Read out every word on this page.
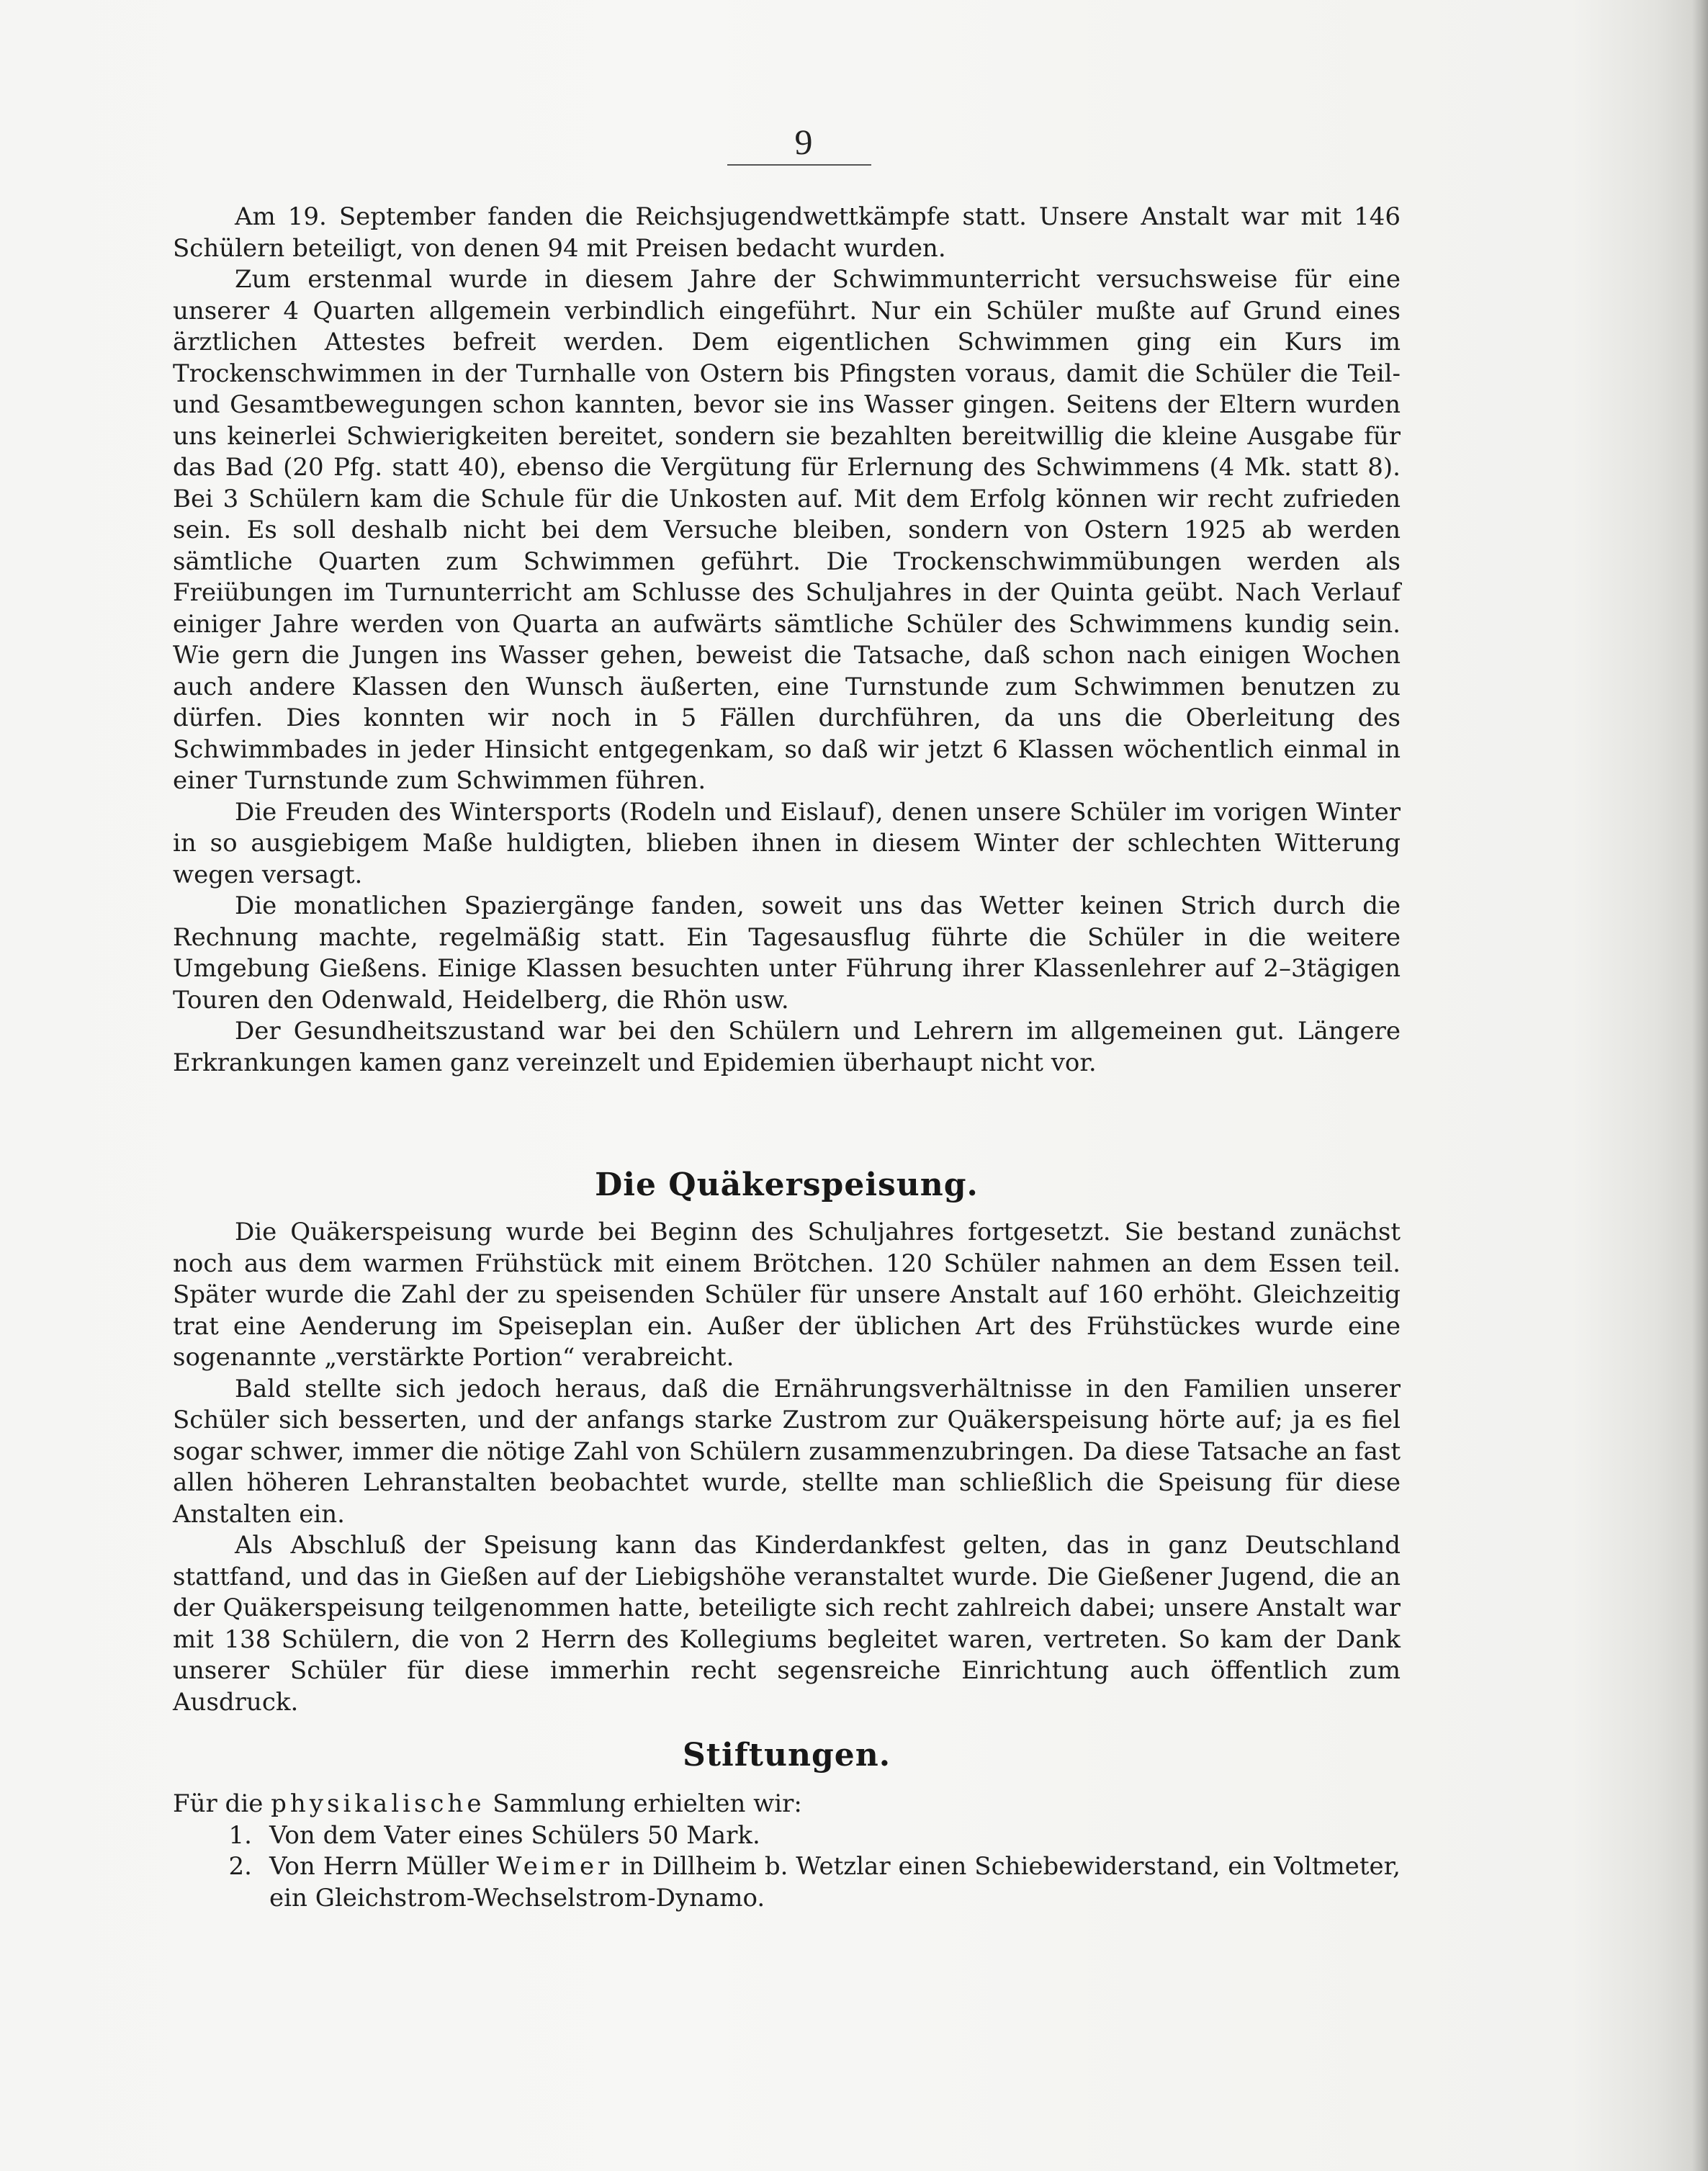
9

Am 19. September fanden die Reichsjugendwettkämpfe statt. Unsere Anstalt war mit 146 Schülern beteiligt, von denen 94 mit Preisen bedacht wurden.

Zum erstenmal wurde in diesem Jahre der Schwimmunterricht versuchsweise für eine unserer 4 Quarten allgemein verbindlich eingeführt. Nur ein Schüler mußte auf Grund eines ärztlichen Attestes befreit werden. Dem eigentlichen Schwimmen ging ein Kurs im Trockenschwimmen in der Turnhalle von Ostern bis Pfingsten voraus, damit die Schüler die Teil- und Gesamtbewegungen schon kannten, bevor sie ins Wasser gingen. Seitens der Eltern wurden uns keinerlei Schwierigkeiten bereitet, sondern sie bezahlten bereitwillig die kleine Ausgabe für das Bad (20 Pfg. statt 40), ebenso die Vergütung für Erlernung des Schwimmens (4 Mk. statt 8). Bei 3 Schülern kam die Schule für die Unkosten auf. Mit dem Erfolg können wir recht zufrieden sein. Es soll deshalb nicht bei dem Versuche bleiben, sondern von Ostern 1925 ab werden sämtliche Quarten zum Schwimmen geführt. Die Trockenschwimmübungen werden als Freiübungen im Turnunterricht am Schlusse des Schuljahres in der Quinta geübt. Nach Verlauf einiger Jahre werden von Quarta an aufwärts sämtliche Schüler des Schwimmens kundig sein. Wie gern die Jungen ins Wasser gehen, beweist die Tatsache, daß schon nach einigen Wochen auch andere Klassen den Wunsch äußerten, eine Turnstunde zum Schwimmen benutzen zu dürfen. Dies konnten wir noch in 5 Fällen durchführen, da uns die Oberleitung des Schwimmbades in jeder Hinsicht entgegenkam, so daß wir jetzt 6 Klassen wöchentlich einmal in einer Turnstunde zum Schwimmen führen.

Die Freuden des Wintersports (Rodeln und Eislauf), denen unsere Schüler im vorigen Winter in so ausgiebigem Maße huldigten, blieben ihnen in diesem Winter der schlechten Witterung wegen versagt.

Die monatlichen Spaziergänge fanden, soweit uns das Wetter keinen Strich durch die Rechnung machte, regelmäßig statt. Ein Tagesausflug führte die Schüler in die weitere Umgebung Gießens. Einige Klassen besuchten unter Führung ihrer Klassenlehrer auf 2–3tägigen Touren den Odenwald, Heidelberg, die Rhön usw.

Der Gesundheitszustand war bei den Schülern und Lehrern im allgemeinen gut. Längere Erkrankungen kamen ganz vereinzelt und Epidemien überhaupt nicht vor.

Die Quäkerspeisung.

Die Quäkerspeisung wurde bei Beginn des Schuljahres fortgesetzt. Sie bestand zunächst noch aus dem warmen Frühstück mit einem Brötchen. 120 Schüler nahmen an dem Essen teil. Später wurde die Zahl der zu speisenden Schüler für unsere Anstalt auf 160 erhöht. Gleichzeitig trat eine Aenderung im Speiseplan ein. Außer der üblichen Art des Frühstückes wurde eine sogenannte „verstärkte Portion“ verabreicht.

Bald stellte sich jedoch heraus, daß die Ernährungsverhältnisse in den Familien unserer Schüler sich besserten, und der anfangs starke Zustrom zur Quäkerspeisung hörte auf; ja es fiel sogar schwer, immer die nötige Zahl von Schülern zusammenzubringen. Da diese Tatsache an fast allen höheren Lehranstalten beobachtet wurde, stellte man schließlich die Speisung für diese Anstalten ein.

Als Abschluß der Speisung kann das Kinderdankfest gelten, das in ganz Deutschland stattfand, und das in Gießen auf der Liebigshöhe veranstaltet wurde. Die Gießener Jugend, die an der Quäkerspeisung teilgenommen hatte, beteiligte sich recht zahlreich dabei; unsere Anstalt war mit 138 Schülern, die von 2 Herrn des Kollegiums begleitet waren, vertreten. So kam der Dank unserer Schüler für diese immerhin recht segensreiche Einrichtung auch öffentlich zum Ausdruck.

Stiftungen.

Für die physikalische Sammlung erhielten wir:

1. Von dem Vater eines Schülers 50 Mark.
2. Von Herrn Müller Weimer in Dillheim b. Wetzlar einen Schiebewiderstand, ein Voltmeter, ein Gleichstrom-Wechselstrom-Dynamo.
